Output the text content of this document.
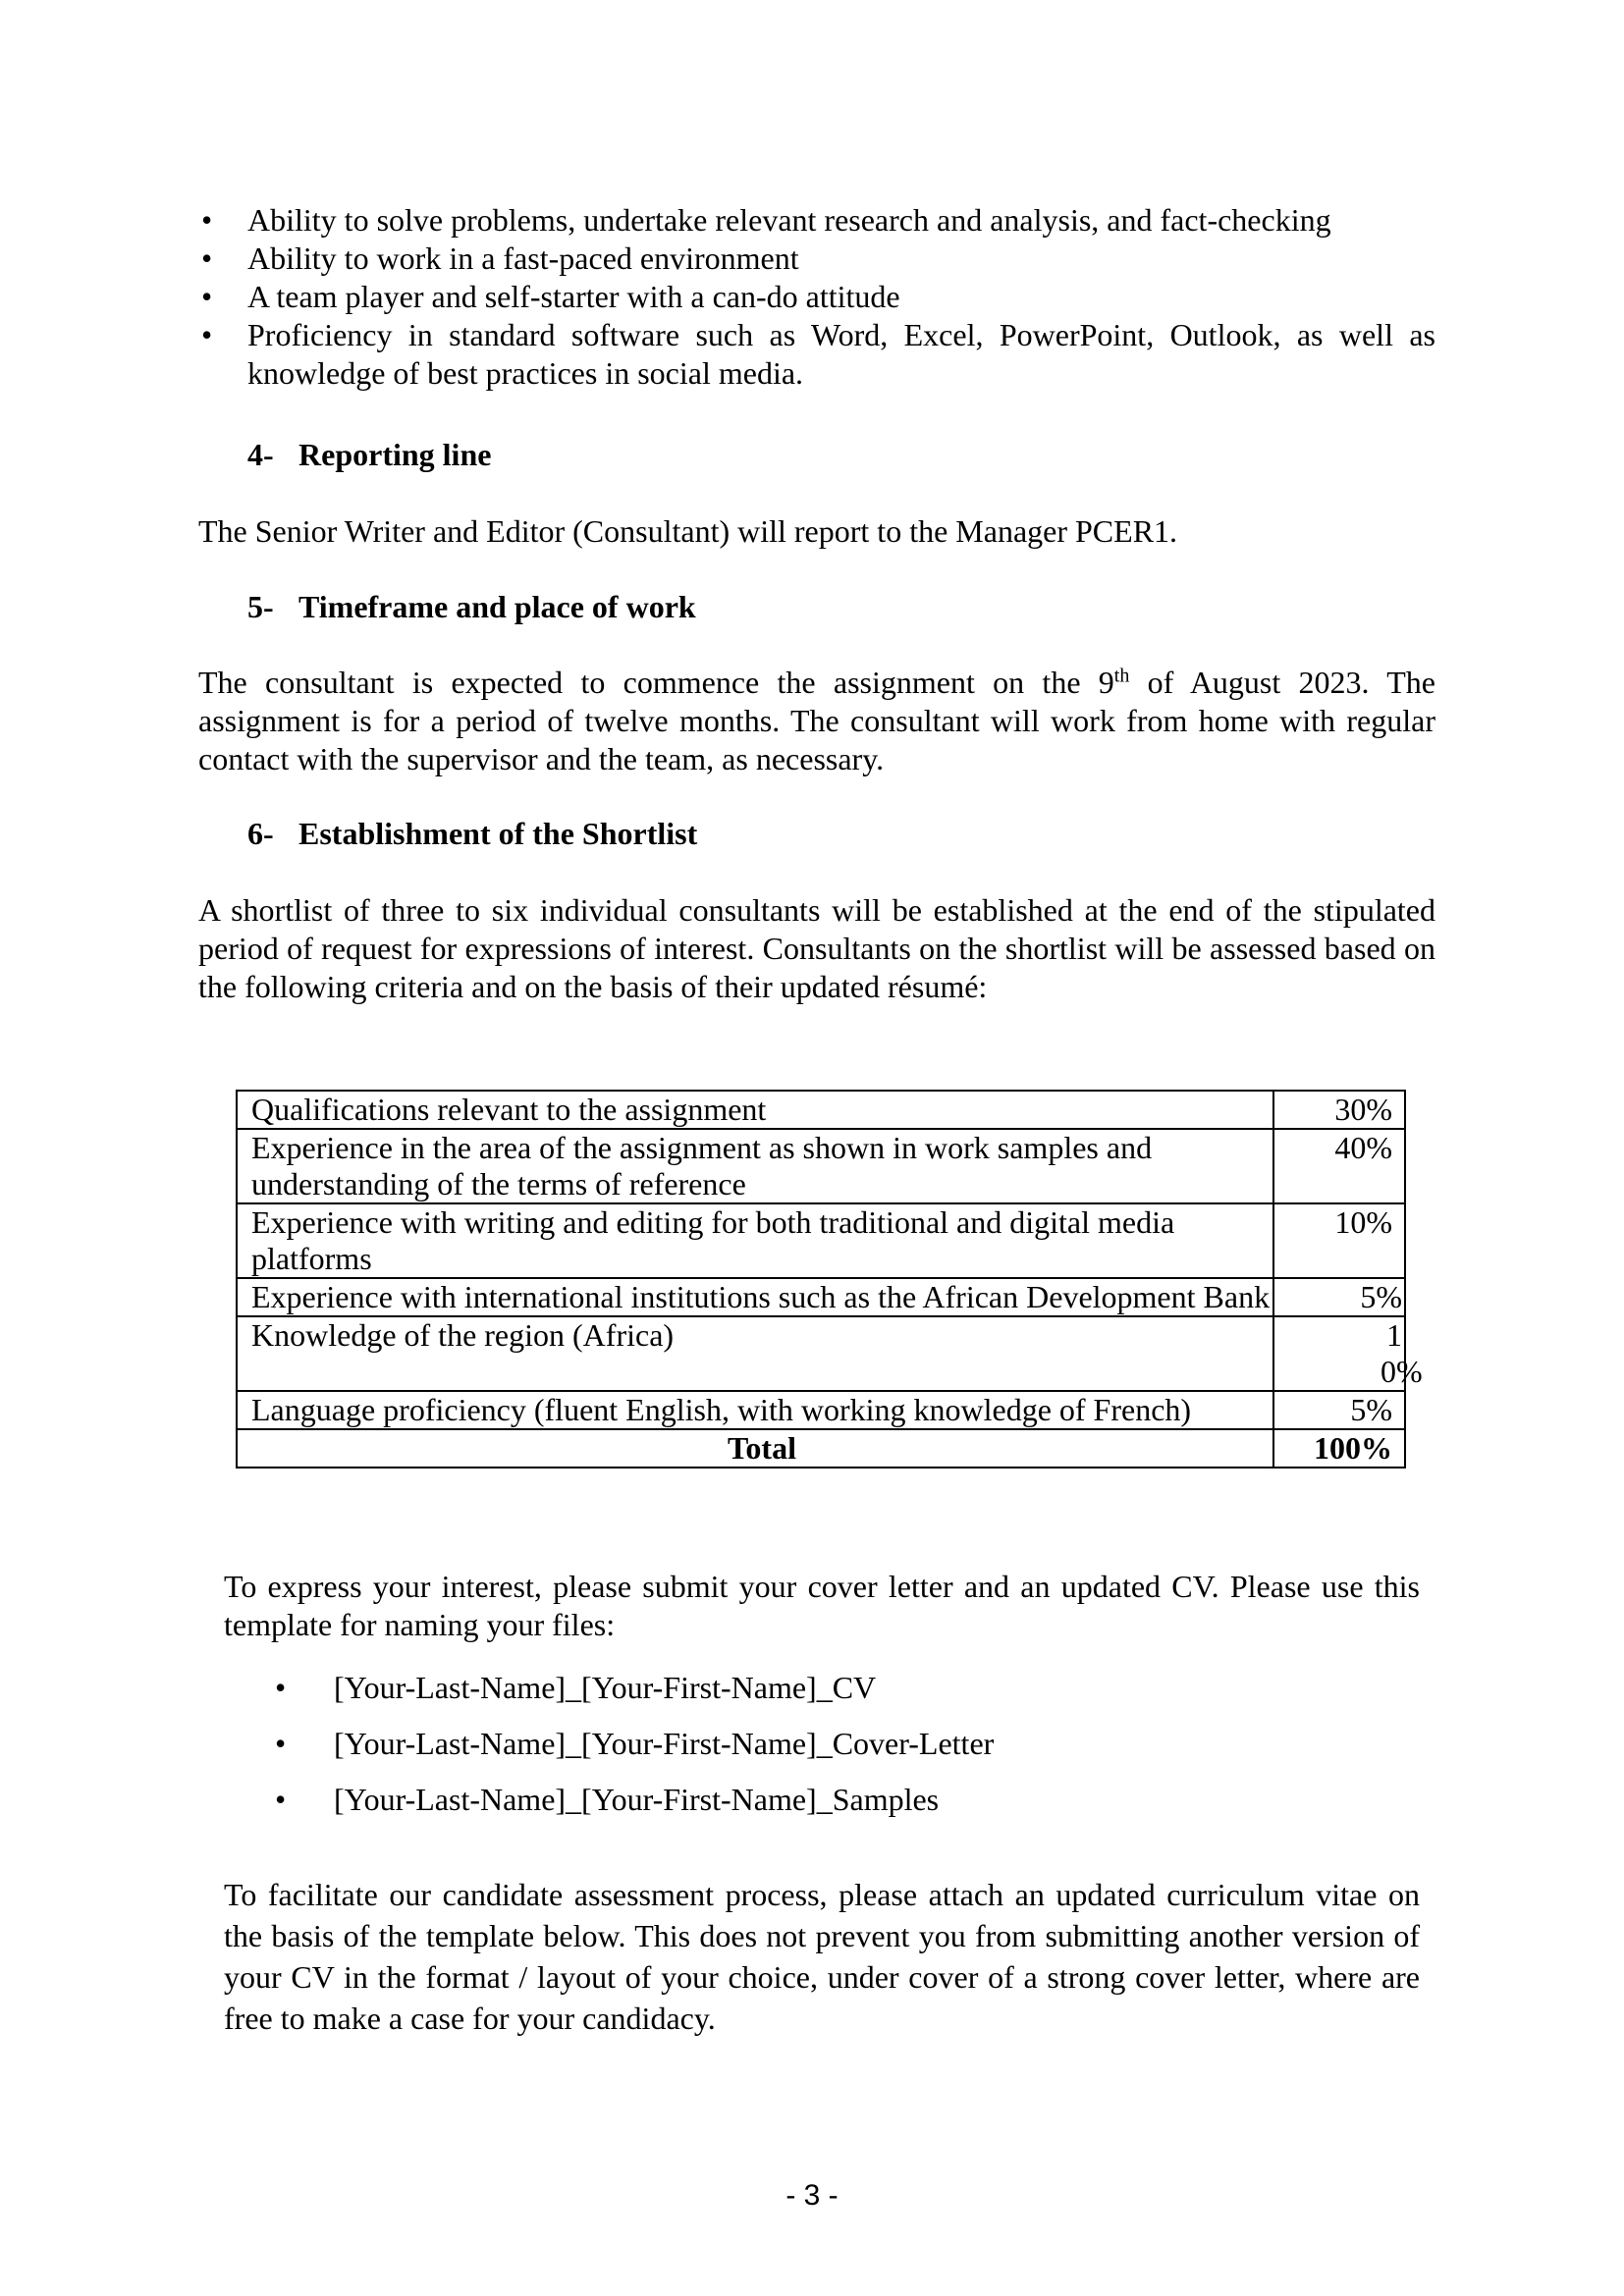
• Ability to solve problems, undertake relevant research and analysis, and fact-checking
• Ability to work in a fast-paced environment
• A team player and self-starter with a can-do attitude
• Proficiency in standard software such as Word, Excel, PowerPoint, Outlook, as well as knowledge of best practices in social media.
4- Reporting line
The Senior Writer and Editor (Consultant) will report to the Manager PCER1.
5- Timeframe and place of work
The consultant is expected to commence the assignment on the 9th of August 2023. The assignment is for a period of twelve months. The consultant will work from home with regular contact with the supervisor and the team, as necessary.
6- Establishment of the Shortlist
A shortlist of three to six individual consultants will be established at the end of the stipulated period of request for expressions of interest. Consultants on the shortlist will be assessed based on the following criteria and on the basis of their updated résumé:
Qualifications relevant to the assignment	30%
Experience in the area of the assignment as shown in work samples and understanding of the terms of reference	40%
Experience with writing and editing for both traditional and digital media platforms	10%
Experience with international institutions such as the African Development Bank	5%
Knowledge of the region (Africa)	10%
Language proficiency (fluent English, with working knowledge of French)	5%
Total	100%
To express your interest, please submit your cover letter and an updated CV. Please use this template for naming your files:
• [Your-Last-Name]_[Your-First-Name]_CV
• [Your-Last-Name]_[Your-First-Name]_Cover-Letter
• [Your-Last-Name]_[Your-First-Name]_Samples
To facilitate our candidate assessment process, please attach an updated curriculum vitae on the basis of the template below. This does not prevent you from submitting another version of your CV in the format / layout of your choice, under cover of a strong cover letter, where are free to make a case for your candidacy.
- 3 -
